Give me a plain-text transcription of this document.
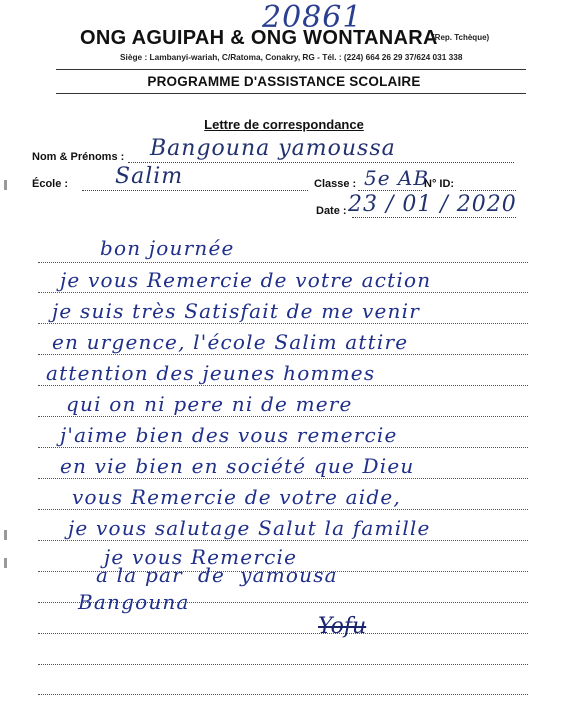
20861
ONG AGUIPAH & ONG WONTANARA
(Rep. Tchèque)
Siège : Lambanyi-wariah, C/Ratoma, Conakry, RG - Tél. : (224) 664 26 29 37/624 031 338
PROGRAMME D'ASSISTANCE SCOLAIRE
Lettre de correspondance
Nom & Prénoms : Bangouna yamoussa
École : Salim	Classe : 5e AB
N° ID:
Date : 23 / 01 / 2020
bon journée
je vous Remercie de votre action
je suis très Satisfait de me venir
en urgence, l'école Salim attire
attention des jeunes hommes
qui on ni pere ni de mere
j'aime bien des vous remercie
en vie bien en société que Dieu
vous Remercie de votre aide,
je vous salutage Salut la famille
je vous Remercie
a la par  de  yamousa
Bangouna
Yofu
